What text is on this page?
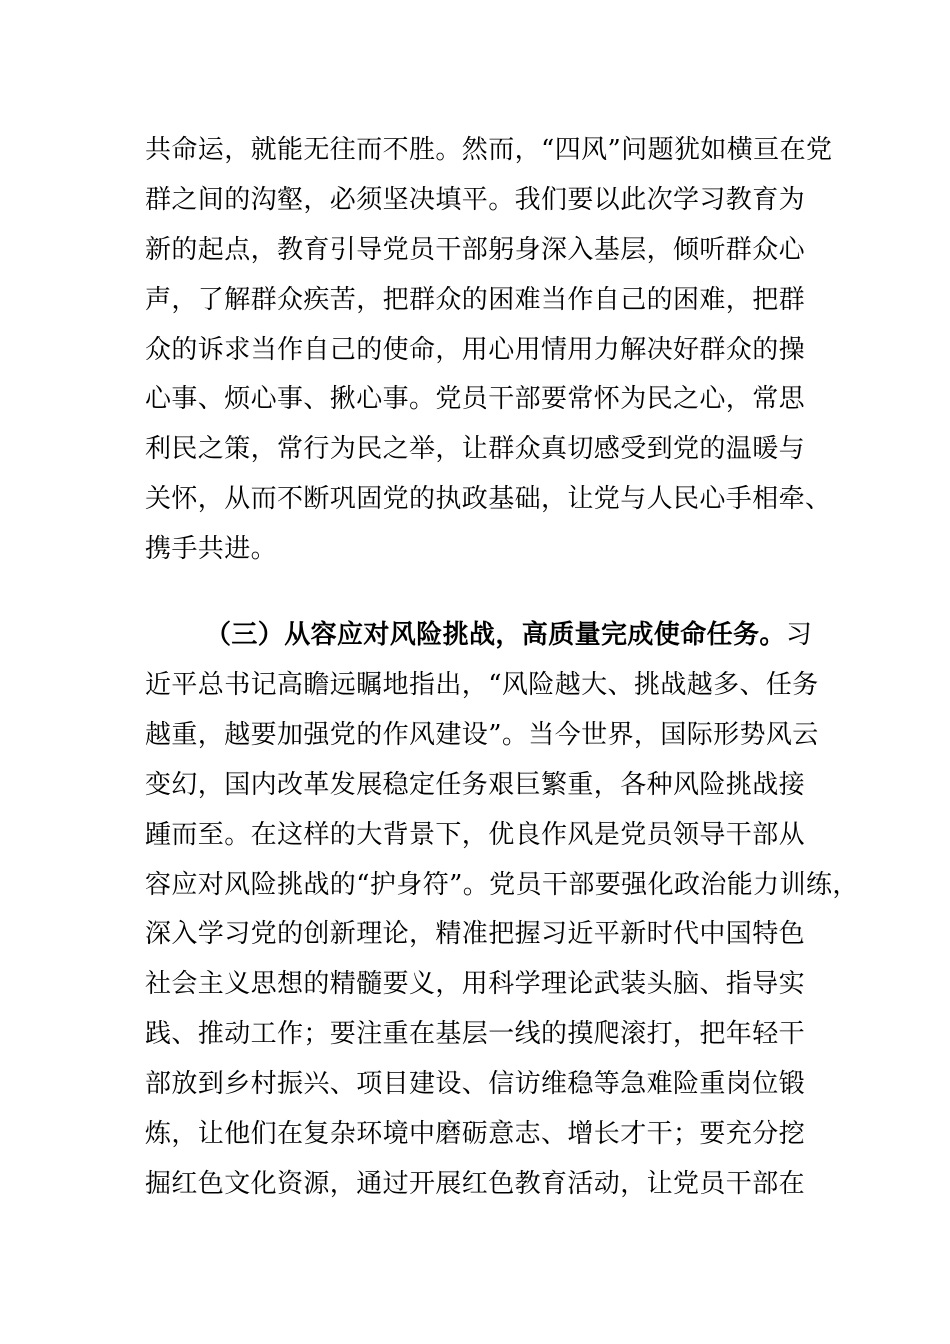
共命运，就能无往而不胜。然而，“四风”问题犹如横亘在党
群之间的沟壑，必须坚决填平。我们要以此次学习教育为
新的起点，教育引导党员干部躬身深入基层，倾听群众心
声，了解群众疾苦，把群众的困难当作自己的困难，把群
众的诉求当作自己的使命，用心用情用力解决好群众的操
心事、烦心事、揪心事。党员干部要常怀为民之心，常思
利民之策，常行为民之举，让群众真切感受到党的温暖与
关怀，从而不断巩固党的执政基础，让党与人民心手相牵、
携手共进。
（三）从容应对风险挑战，高质量完成使命任务。习
近平总书记高瞻远瞩地指出，“风险越大、挑战越多、任务
越重，越要加强党的作风建设”。当今世界，国际形势风云
变幻，国内改革发展稳定任务艰巨繁重，各种风险挑战接
踵而至。在这样的大背景下，优良作风是党员领导干部从
容应对风险挑战的“护身符”。党员干部要强化政治能力训练，
深入学习党的创新理论，精准把握习近平新时代中国特色
社会主义思想的精髓要义，用科学理论武装头脑、指导实
践、推动工作；要注重在基层一线的摸爬滚打，把年轻干
部放到乡村振兴、项目建设、信访维稳等急难险重岗位锻
炼，让他们在复杂环境中磨砺意志、增长才干；要充分挖
掘红色文化资源，通过开展红色教育活动，让党员干部在
